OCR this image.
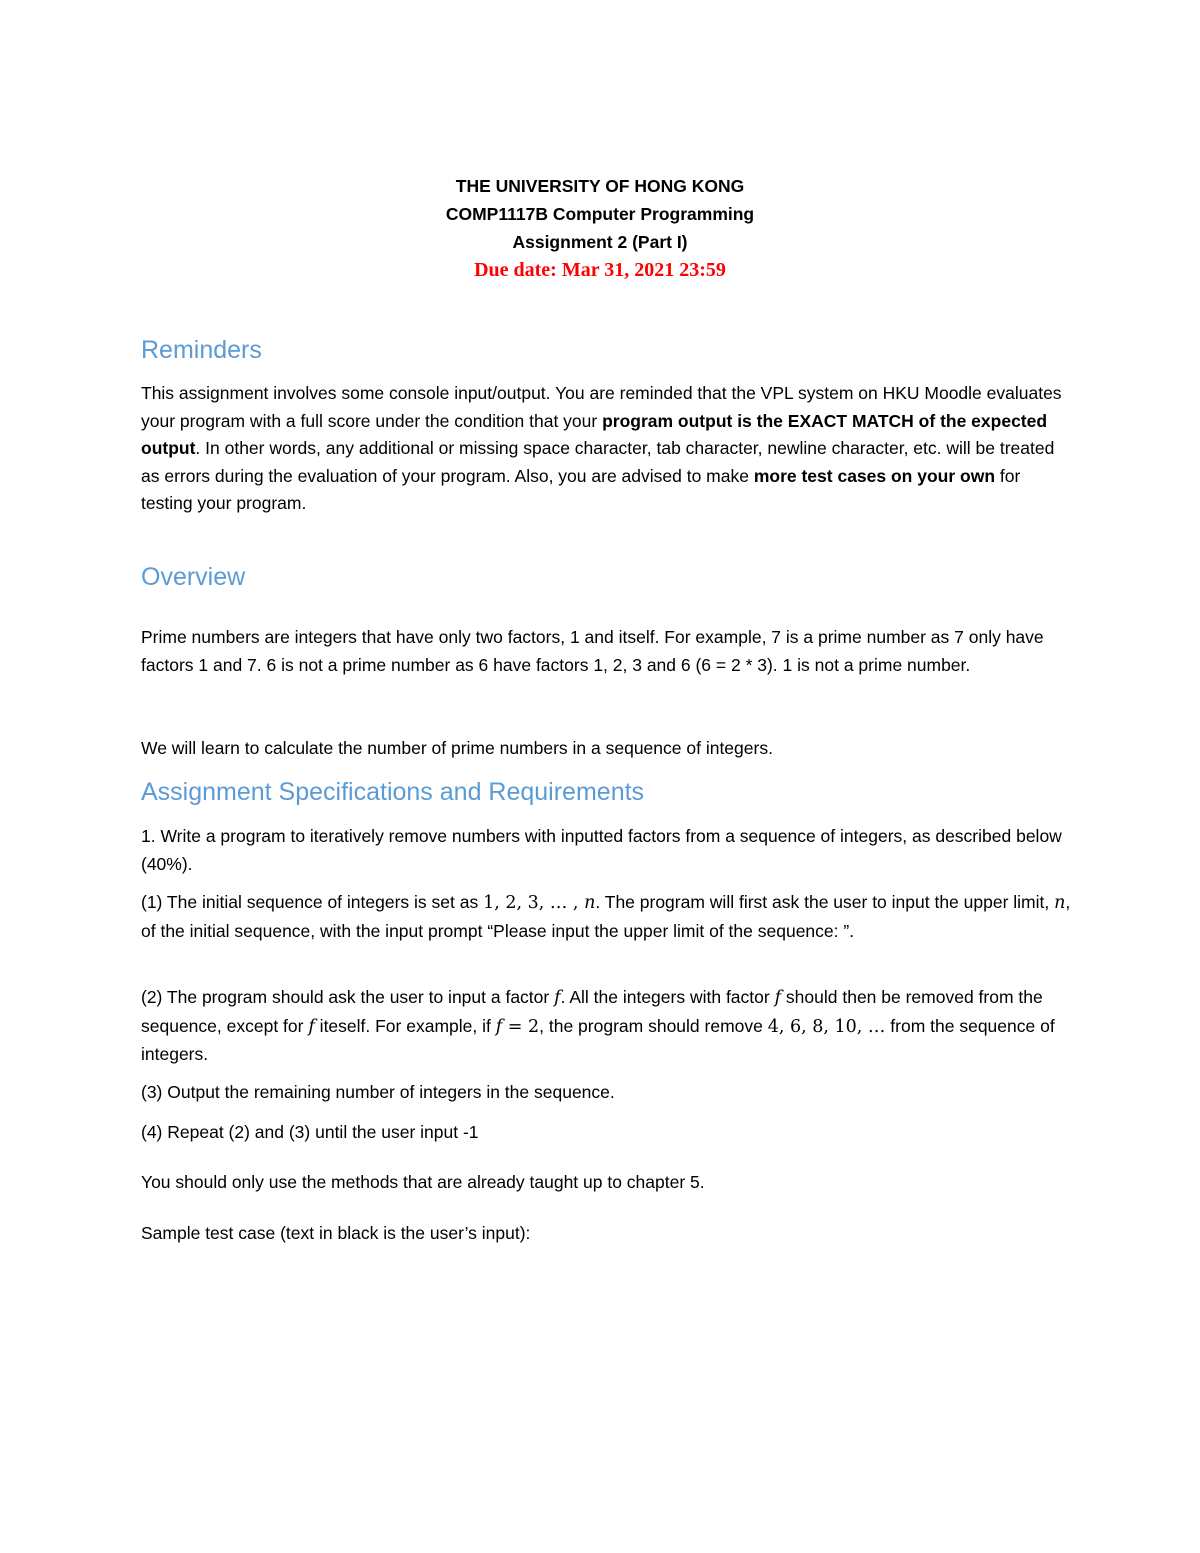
THE UNIVERSITY OF HONG KONG
COMP1117B Computer Programming
Assignment 2 (Part I)
Due date: Mar 31, 2021 23:59
Reminders

This assignment involves some console input/output. You are reminded that the VPL system on HKU Moodle evaluates your program with a full score under the condition that your program output is the EXACT MATCH of the expected output. In other words, any additional or missing space character, tab character, newline character, etc. will be treated as errors during the evaluation of your program. Also, you are advised to make more test cases on your own for testing your program.

Overview

Prime numbers are integers that have only two factors, 1 and itself. For example, 7 is a prime number as 7 only have factors 1 and 7. 6 is not a prime number as 6 have factors 1, 2, 3 and 6 (6 = 2 * 3). 1 is not a prime number.

We will learn to calculate the number of prime numbers in a sequence of integers.

Assignment Specifications and Requirements

1. Write a program to iteratively remove numbers with inputted factors from a sequence of integers, as described below (40%).

(1) The initial sequence of integers is set as 1, 2, 3, … , n. The program will first ask the user to input the upper limit, n, of the initial sequence, with the input prompt “Please input the upper limit of the sequence: ”.

(2) The program should ask the user to input a factor f. All the integers with factor f should then be removed from the sequence, except for f iteself. For example, if f = 2, the program should remove 4, 6, 8, 10, … from the sequence of integers.

(3) Output the remaining number of integers in the sequence.

(4) Repeat (2) and (3) until the user input -1

You should only use the methods that are already taught up to chapter 5.

Sample test case (text in black is the user’s input):
